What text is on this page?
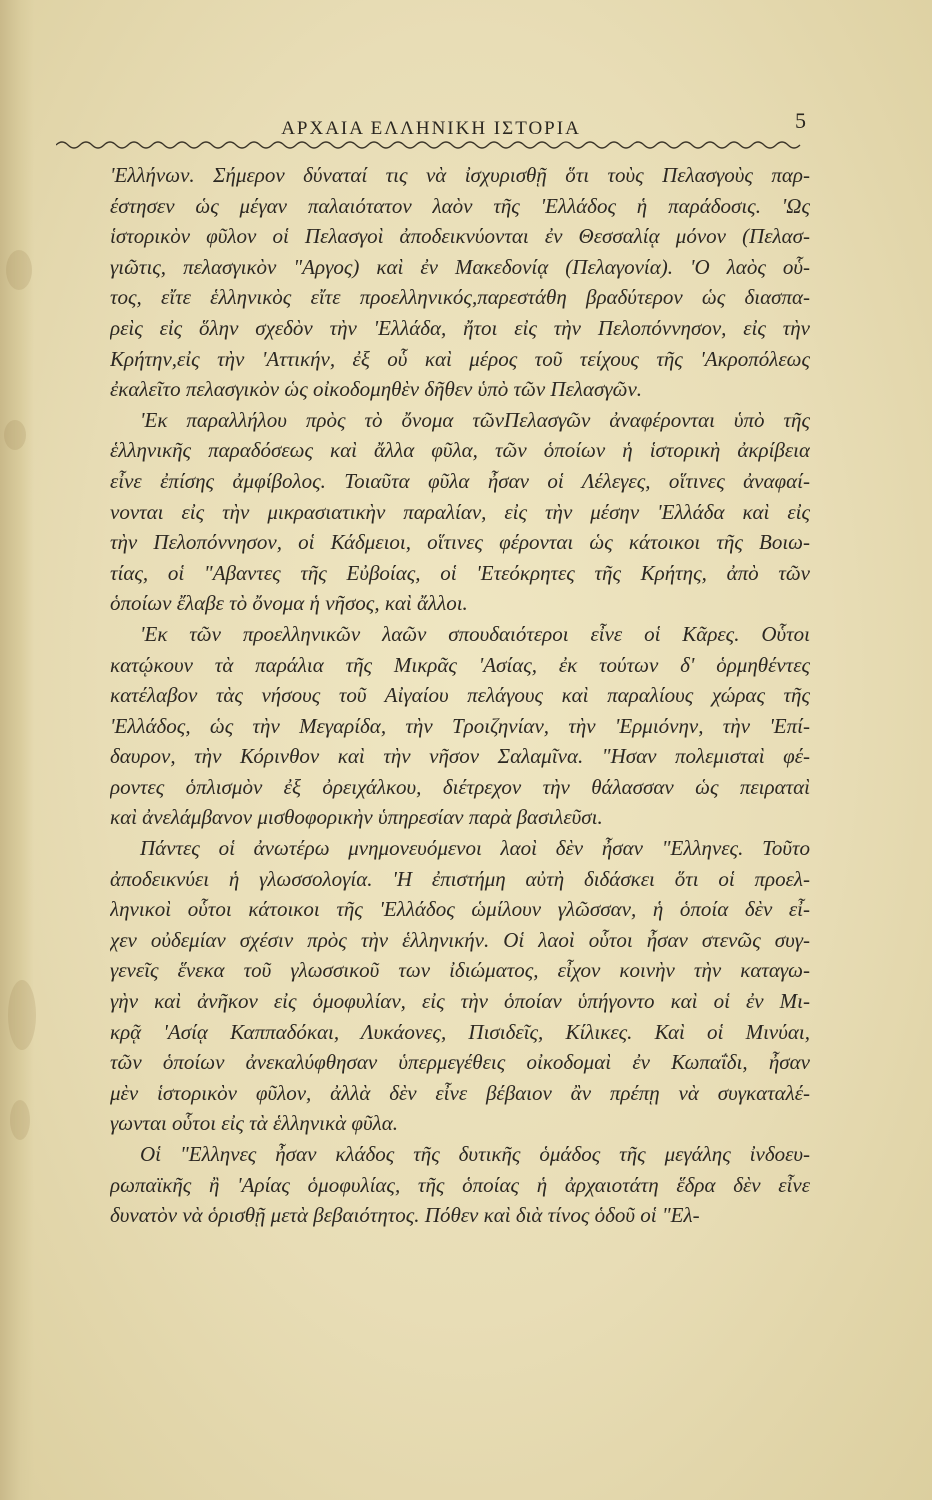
ΑΡΧΑΙΑ ΕΛΛΗΝΙΚΗ ΙΣΤΟΡΙΑ	5
'Ελλήνων. Σήμερον δύναταί τις νὰ ἰσχυρισθῇ ὅτι τοὺς Πελασγοὺς παρ-
έστησεν ὡς μέγαν παλαιότατον λαὸν τῆς 'Ελλάδος ἡ παράδοσις. 'Ως
ἱστορικὸν φῦλον οἱ Πελασγοὶ ἀποδεικνύονται ἐν Θεσσαλίᾳ μόνον (Πελασ-
γιῶτις, πελασγικὸν "Αργος) καὶ ἐν Μακεδονίᾳ (Πελαγονία). 'Ο λαὸς οὗ-
τος, εἴτε ἑλληνικὸς εἴτε προελληνικός,παρεστάθη βραδύτερον ὡς διασπα-
ρεὶς εἰς ὅλην σχεδὸν τὴν 'Ελλάδα, ἤτοι εἰς τὴν Πελοπόννησον, εἰς τὴν
Κρήτην,εἰς τὴν 'Αττικήν, ἐξ οὗ καὶ μέρος τοῦ τείχους τῆς 'Ακροπόλεως
ἐκαλεῖτο πελασγικὸν ὡς οἰκοδομηθὲν δῆθεν ὑπὸ τῶν Πελασγῶν.
'Εκ παραλλήλου πρὸς τὸ ὄνομα τῶνΠελασγῶν ἀναφέρονται ὑπὸ τῆς
ἑλληνικῆς παραδόσεως καὶ ἄλλα φῦλα, τῶν ὁποίων ἡ ἱστορικὴ ἀκρίβεια
εἶνε ἐπίσης ἀμφίβολος. Τοιαῦτα φῦλα ἦσαν οἱ Λέλεγες, οἵτινες ἀναφαί-
νονται εἰς τὴν μικρασιατικὴν παραλίαν, εἰς τὴν μέσην 'Ελλάδα καὶ εἰς
τὴν Πελοπόννησον, οἱ Κάδμειοι, οἵτινες φέρονται ὡς κάτοικοι τῆς Βοιω-
τίας, οἱ "Αβαντες τῆς Εὐβοίας, οἱ 'Ετεόκρητες τῆς Κρήτης, ἀπὸ τῶν
ὁποίων ἔλαβε τὸ ὄνομα ἡ νῆσος, καὶ ἄλλοι.
'Εκ τῶν προελληνικῶν λαῶν σπουδαιότεροι εἶνε οἱ Κᾶρες. Οὗτοι
κατῴκουν τὰ παράλια τῆς Μικρᾶς 'Ασίας, ἐκ τούτων δ' ὁρμηθέντες
κατέλαβον τὰς νήσους τοῦ Αἰγαίου πελάγους καὶ παραλίους χώρας τῆς
'Ελλάδος, ὡς τὴν Μεγαρίδα, τὴν Τροιζηνίαν, τὴν 'Ερμιόνην, τὴν 'Επί-
δαυρον, τὴν Κόρινθον καὶ τὴν νῆσον Σαλαμῖνα. "Ησαν πολεμισταὶ φέ-
ροντες ὁπλισμὸν ἐξ ὀρειχάλκου, διέτρεχον τὴν θάλασσαν ὡς πειραταὶ
καὶ ἀνελάμβανον μισθοφορικὴν ὑπηρεσίαν παρὰ βασιλεῦσι.
Πάντες οἱ ἀνωτέρω μνημονευόμενοι λαοὶ δὲν ἦσαν "Ελληνες. Τοῦτο
ἀποδεικνύει ἡ γλωσσολογία. 'Η ἐπιστήμη αὐτὴ διδάσκει ὅτι οἱ προελ-
ληνικοὶ οὗτοι κάτοικοι τῆς 'Ελλάδος ὡμίλουν γλῶσσαν, ἡ ὁποία δὲν εἶ-
χεν οὐδεμίαν σχέσιν πρὸς τὴν ἑλληνικήν. Οἱ λαοὶ οὗτοι ἦσαν στενῶς συγ-
γενεῖς ἕνεκα τοῦ γλωσσικοῦ των ἰδιώματος, εἶχον κοινὴν τὴν καταγω-
γὴν καὶ ἀνῆκον εἰς ὁμοφυλίαν, εἰς τὴν ὁποίαν ὑπήγοντο καὶ οἱ ἐν Μι-
κρᾷ 'Ασίᾳ Καππαδόκαι, Λυκάονες, Πισιδεῖς, Κίλικες. Καὶ οἱ Μινύαι,
τῶν ὁποίων ἀνεκαλύφθησαν ὑπερμεγέθεις οἰκοδομαὶ ἐν Κωπαΐδι, ἦσαν
μὲν ἱστορικὸν φῦλον, ἀλλὰ δὲν εἶνε βέβαιον ἂν πρέπῃ νὰ συγκαταλέ-
γωνται οὗτοι εἰς τὰ ἑλληνικὰ φῦλα.
Οἱ "Ελληνες ἦσαν κλάδος τῆς δυτικῆς ὁμάδος τῆς μεγάλης ἰνδοευ-
ρωπαϊκῆς ἢ 'Αρίας ὁμοφυλίας, τῆς ὁποίας ἡ ἀρχαιοτάτη ἕδρα δὲν εἶνε
δυνατὸν νὰ ὁρισθῇ μετὰ βεβαιότητος. Πόθεν καὶ διὰ τίνος ὁδοῦ οἱ "Ελ-
